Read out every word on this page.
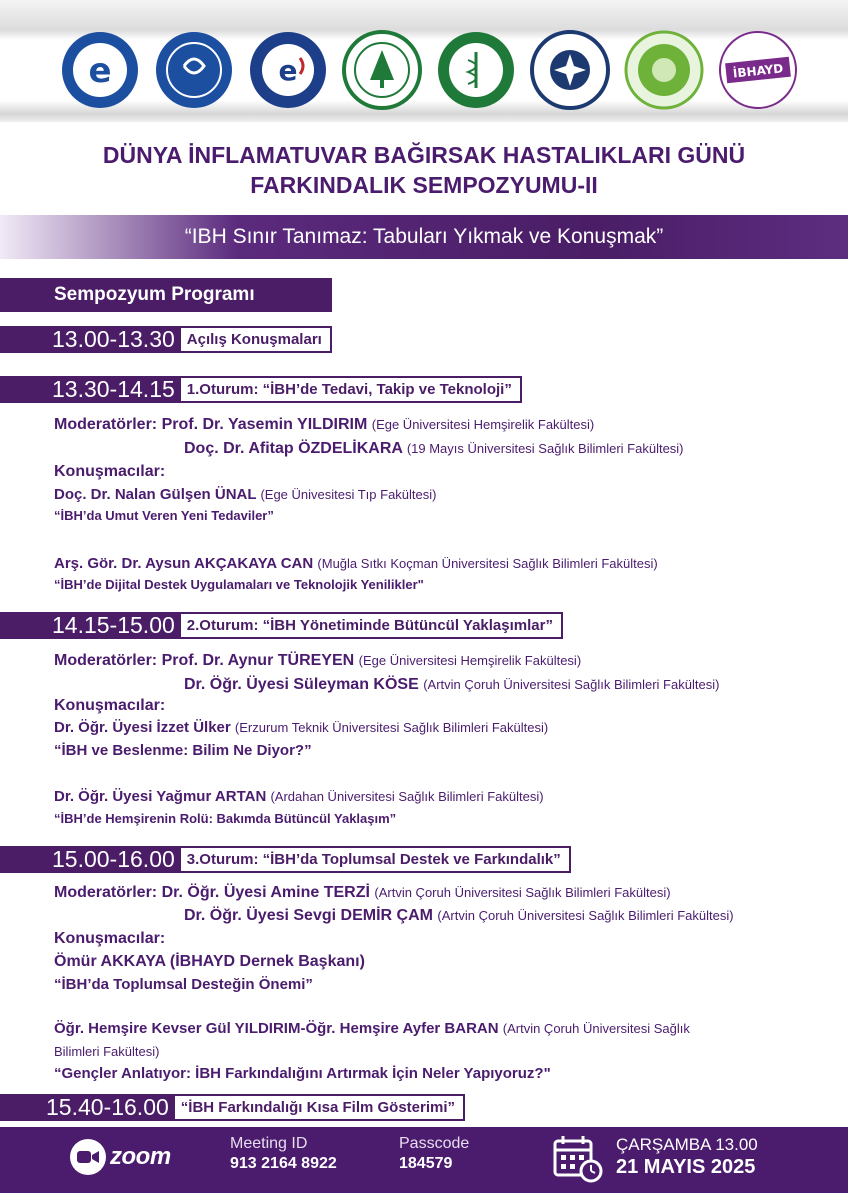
e	e	İBHAYD
DÜNYA İNFLAMATUVAR BAĞIRSAK HASTALIKLARI GÜNÜ
FARKINDALIK SEMPOZYUMU-II
“IBH Sınır Tanımaz: Tabuları Yıkmak ve Konuşmak”
Sempozyum Programı
13.00-13.30 Açılış Konuşmaları
13.30-14.15 1.Oturum: “İBH’de Tedavi, Takip ve Teknoloji”
Moderatörler: Prof. Dr. Yasemin YILDIRIM (Ege Üniversitesi Hemşirelik Fakültesi)
Doç. Dr. Afitap ÖZDELİKARA (19 Mayıs Üniversitesi Sağlık Bilimleri Fakültesi)
Konuşmacılar:
Doç. Dr. Nalan Gülşen ÜNAL (Ege Ünivesitesi Tıp Fakültesi)
“İBH’da Umut Veren Yeni Tedaviler”
Arş. Gör. Dr. Aysun AKÇAKAYA CAN (Muğla Sıtkı Koçman Üniversitesi Sağlık Bilimleri Fakültesi)
“İBH’de Dijital Destek Uygulamaları ve Teknolojik Yenilikler"
14.15-15.00 2.Oturum: “İBH Yönetiminde Bütüncül Yaklaşımlar”
Moderatörler: Prof. Dr. Aynur TÜREYEN (Ege Üniversitesi Hemşirelik Fakültesi)
Dr. Öğr. Üyesi Süleyman KÖSE (Artvin Çoruh Üniversitesi Sağlık Bilimleri Fakültesi)
Konuşmacılar:
Dr. Öğr. Üyesi İzzet Ülker (Erzurum Teknik Üniversitesi Sağlık Bilimleri Fakültesi)
“İBH ve Beslenme: Bilim Ne Diyor?”
Dr. Öğr. Üyesi Yağmur ARTAN (Ardahan Üniversitesi Sağlık Bilimleri Fakültesi)
“İBH’de Hemşirenin Rolü: Bakımda Bütüncül Yaklaşım”
15.00-16.00 3.Oturum: “İBH’da Toplumsal Destek ve Farkındalık”
Moderatörler: Dr. Öğr. Üyesi Amine TERZİ (Artvin Çoruh Üniversitesi Sağlık Bilimleri Fakültesi)
Dr. Öğr. Üyesi Sevgi DEMİR ÇAM (Artvin Çoruh Üniversitesi Sağlık Bilimleri Fakültesi)
Konuşmacılar:
Ömür AKKAYA (İBHAYD Dernek Başkanı)
“İBH’da Toplumsal Desteğin Önemi”
Öğr. Hemşire Kevser Gül YILDIRIM-Öğr. Hemşire Ayfer BARAN (Artvin Çoruh Üniversitesi Sağlık
Bilimleri Fakültesi)
“Gençler Anlatıyor: İBH Farkındalığını Artırmak İçin Neler Yapıyoruz?"
15.40-16.00 “İBH Farkındalığı Kısa Film Gösterimi”
zoom	Meeting ID
913 2164 8922
Passcode
184579
ÇARŞAMBA 13.00
21 MAYIS 2025
